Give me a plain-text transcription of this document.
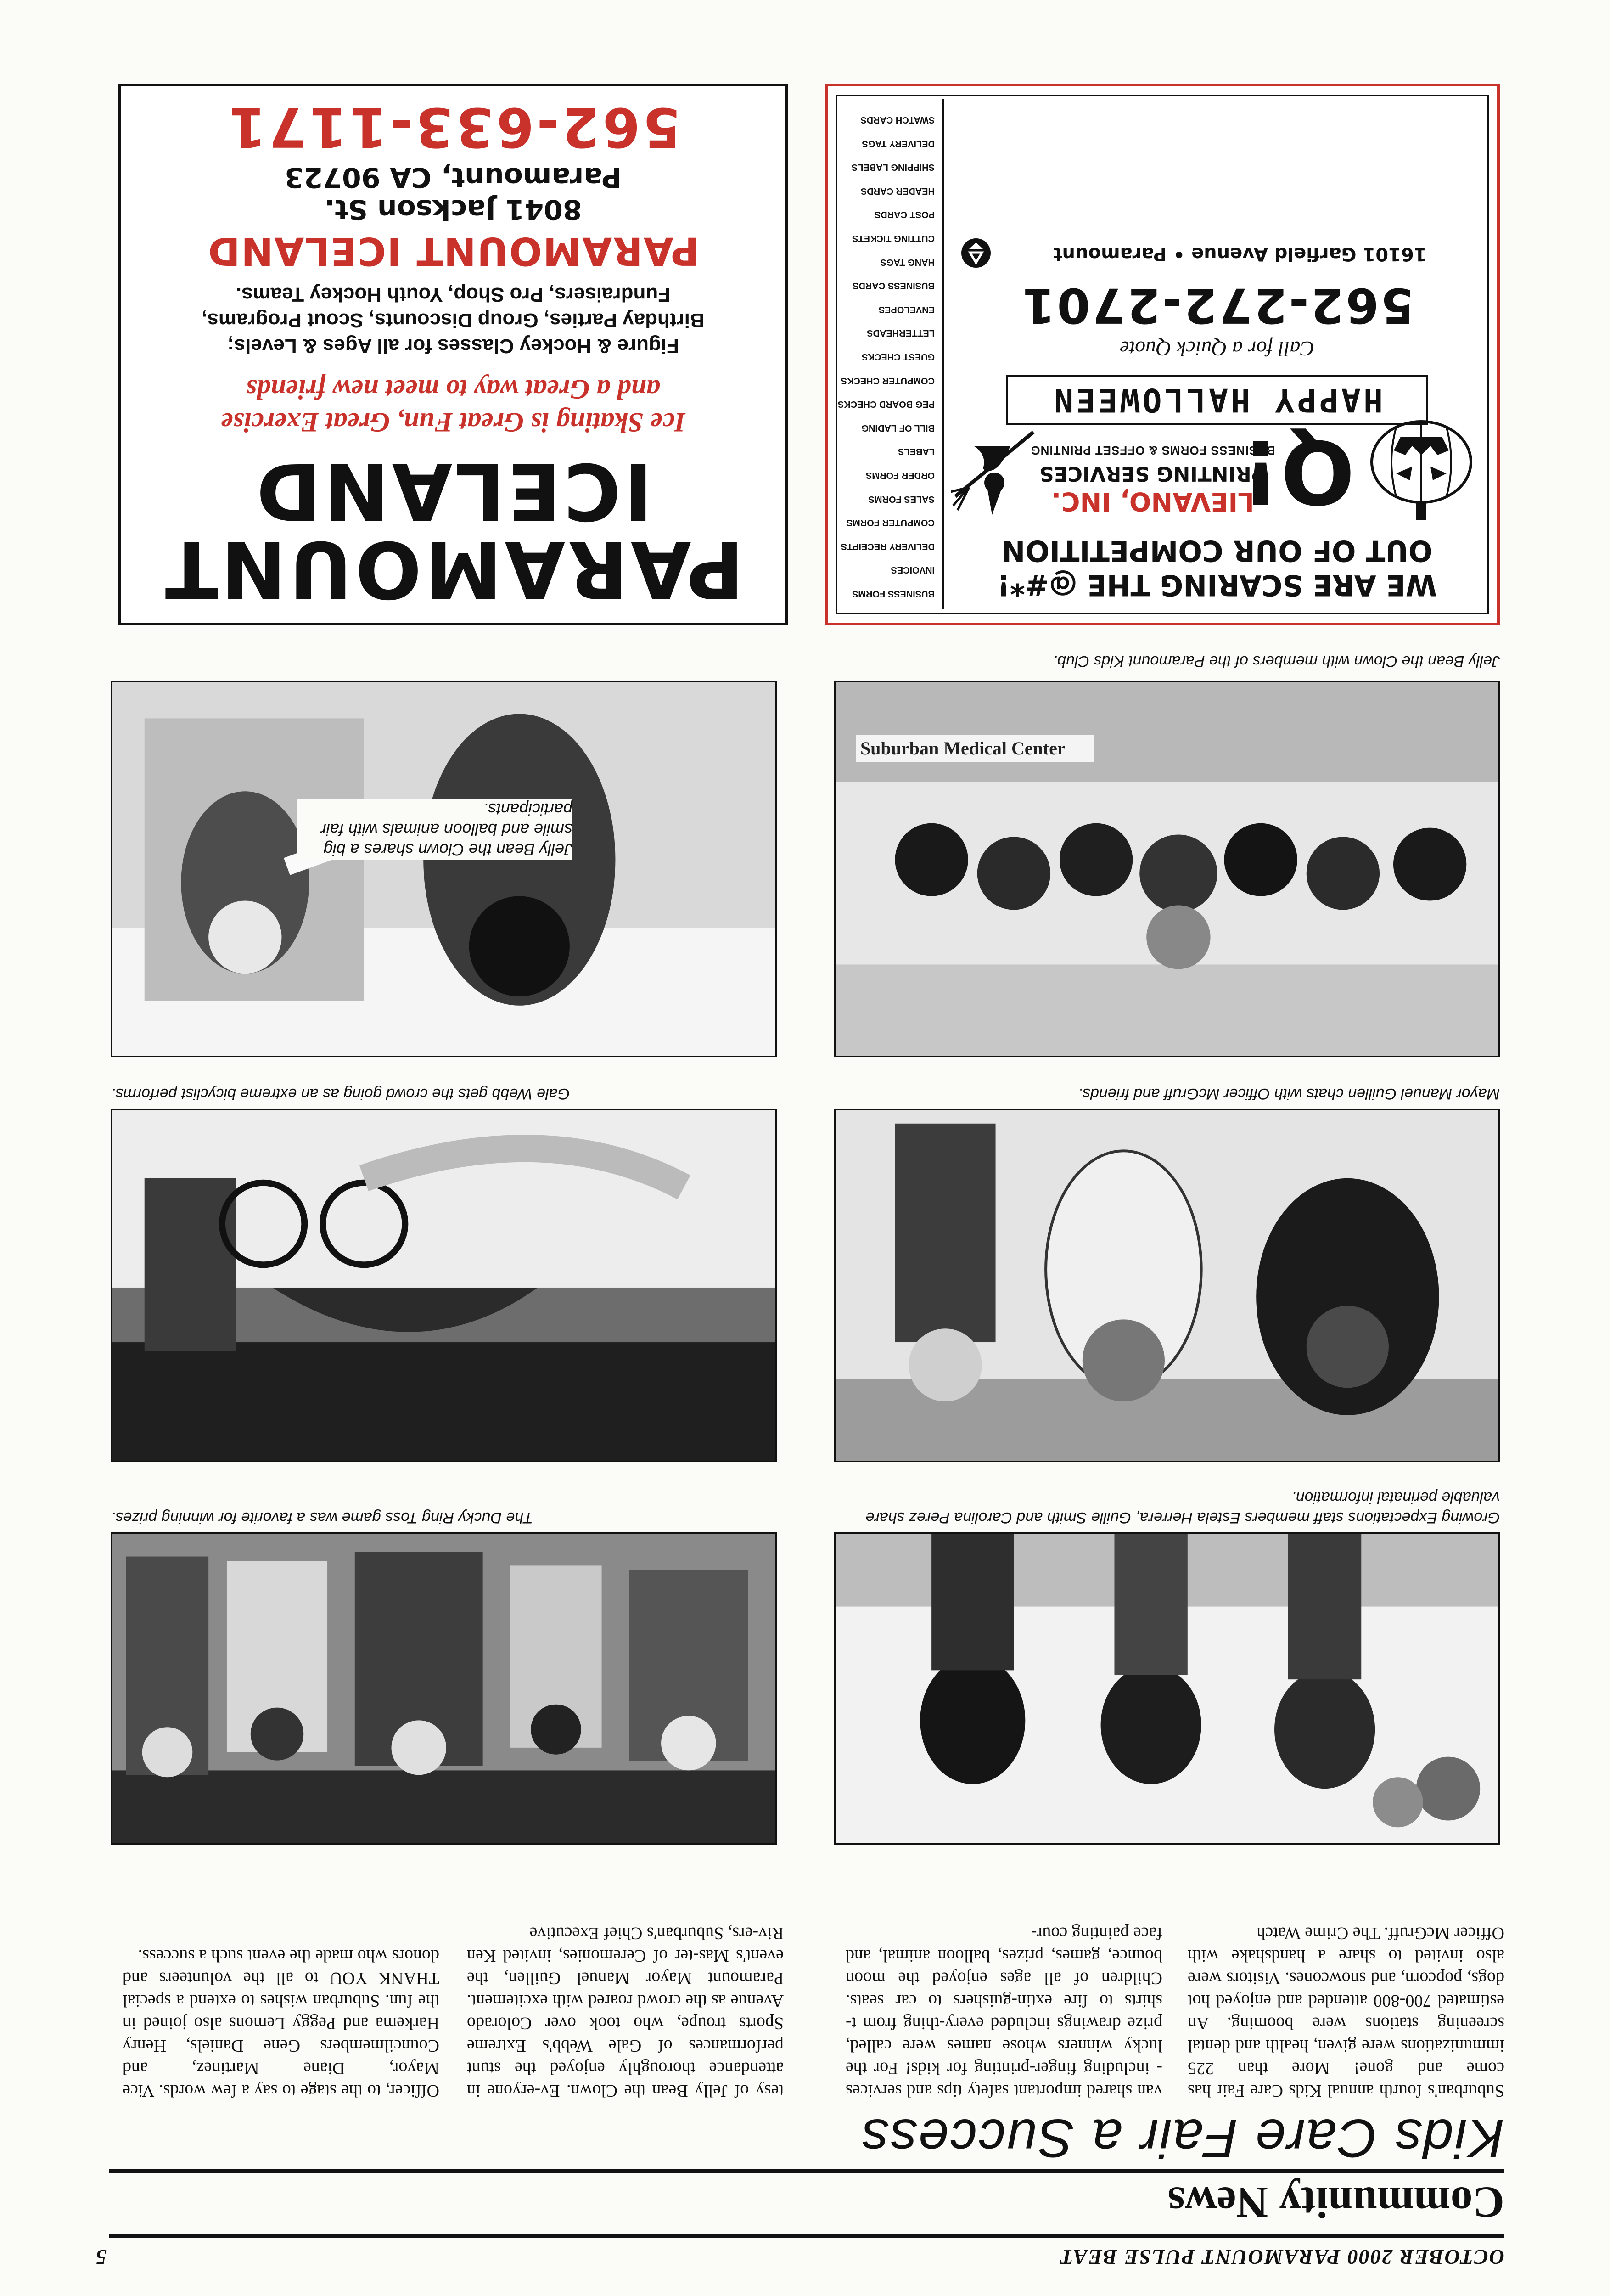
OCTOBER 2000 PARAMOUNT PULSE BEAT
5
Community News
Kids Care Fair a Success
Suburban's fourth annual Kids Care Fair has come and gone! More than 225 immunizations were given, health and dental screening stations were booming. An estimated 700-800 attended and enjoyed hot dogs, popcorn, and snowcones. Visitors were also invited to share a handshake with Officer McGruff. The Crime Watch
van shared important safety tips and services - including finger-printing for kids! For the lucky winners whose names were called, prize drawings included every-thing from t-shirts to fire extin-guishers to car seats. Children of all ages enjoyed the moon bounce, games, prizes, balloon animal, and face painting cour-
tesy of Jelly Bean the Clown. Ev-eryone in attendance thoroughly enjoyed the stunt performances of Gale Webb's Extreme Sports troupe, who took over Colorado Avenue as the crowd roared with excitement. Paramount Mayor Manuel Guillen, the event's Mas-ter of Ceremonies, invited Ken Riv-ers, Suburban's Chief Executive
Officer, to the stage to say a few words. Vice Mayor, Diane Martinez, and Councilmembers Gene Daniels, Henry Harkema and Peggy Lemons also joined in the fun. Suburban wishes to extend a special THANK YOU to all the volunteers and donors who made the event such a success.
The Ducky Ring Toss game was a favorite for winning prizes.	Growing Expectations staff members Estela Herrera, Guille Smith and Carolina Perez share valuable perinatal information.
Gale Webb gets the crowd going as an extreme bicyclist performs.	Mayor Manuel Guillen chats with Officer McGruff and friends.
Jelly Bean the Clown shares a big smile and balloon animals with fair participants.
Jelly Bean the Clown with members of the Paramount Kids Club.
Suburban Medical Center
PARAMOUNT
ICELAND
Ice Skating is Great Fun, Great Exercise
and a Great way to meet new friends
Figure & Hockey Classes for all Ages & Levels;
Birthday Parties, Group Discounts, Scout Programs,
Fundraisers, Pro Shop, Youth Hockey Teams.
PARAMOUNT ICELAND
8041 Jackson St.
Paramount, CA 90723
562-633-1171
WE ARE SCARING THE @#*!
OUT OF OUR COMPETITION
Q!
LIEVANO, INC.
PRINTING SERVICES
BUSINESS FORMS & OFFSET PRINTING
HAPPY HALLOWEEN
Call for a Quick Quote
562-272-2701
16101 Garfield Avenue • Paramount
BUSINESS FORMS
INVOICES
DELIVERY RECEIPTS
COMPUTER FORMS
SALES FORMS
ORDER FORMS
LABELS
BILL OF LADING
PEG BOARD CHECKS
COMPUTER CHECKS
GUEST CHECKS
LETTERHEADS
ENVELOPES
BUSINESS CARDS
HANG TAGS
CUTTING TICKETS
POST CARDS
HEADER CARDS
SHIPPING LABELS
DELIVERY TAGS
SWATCH CARDS
